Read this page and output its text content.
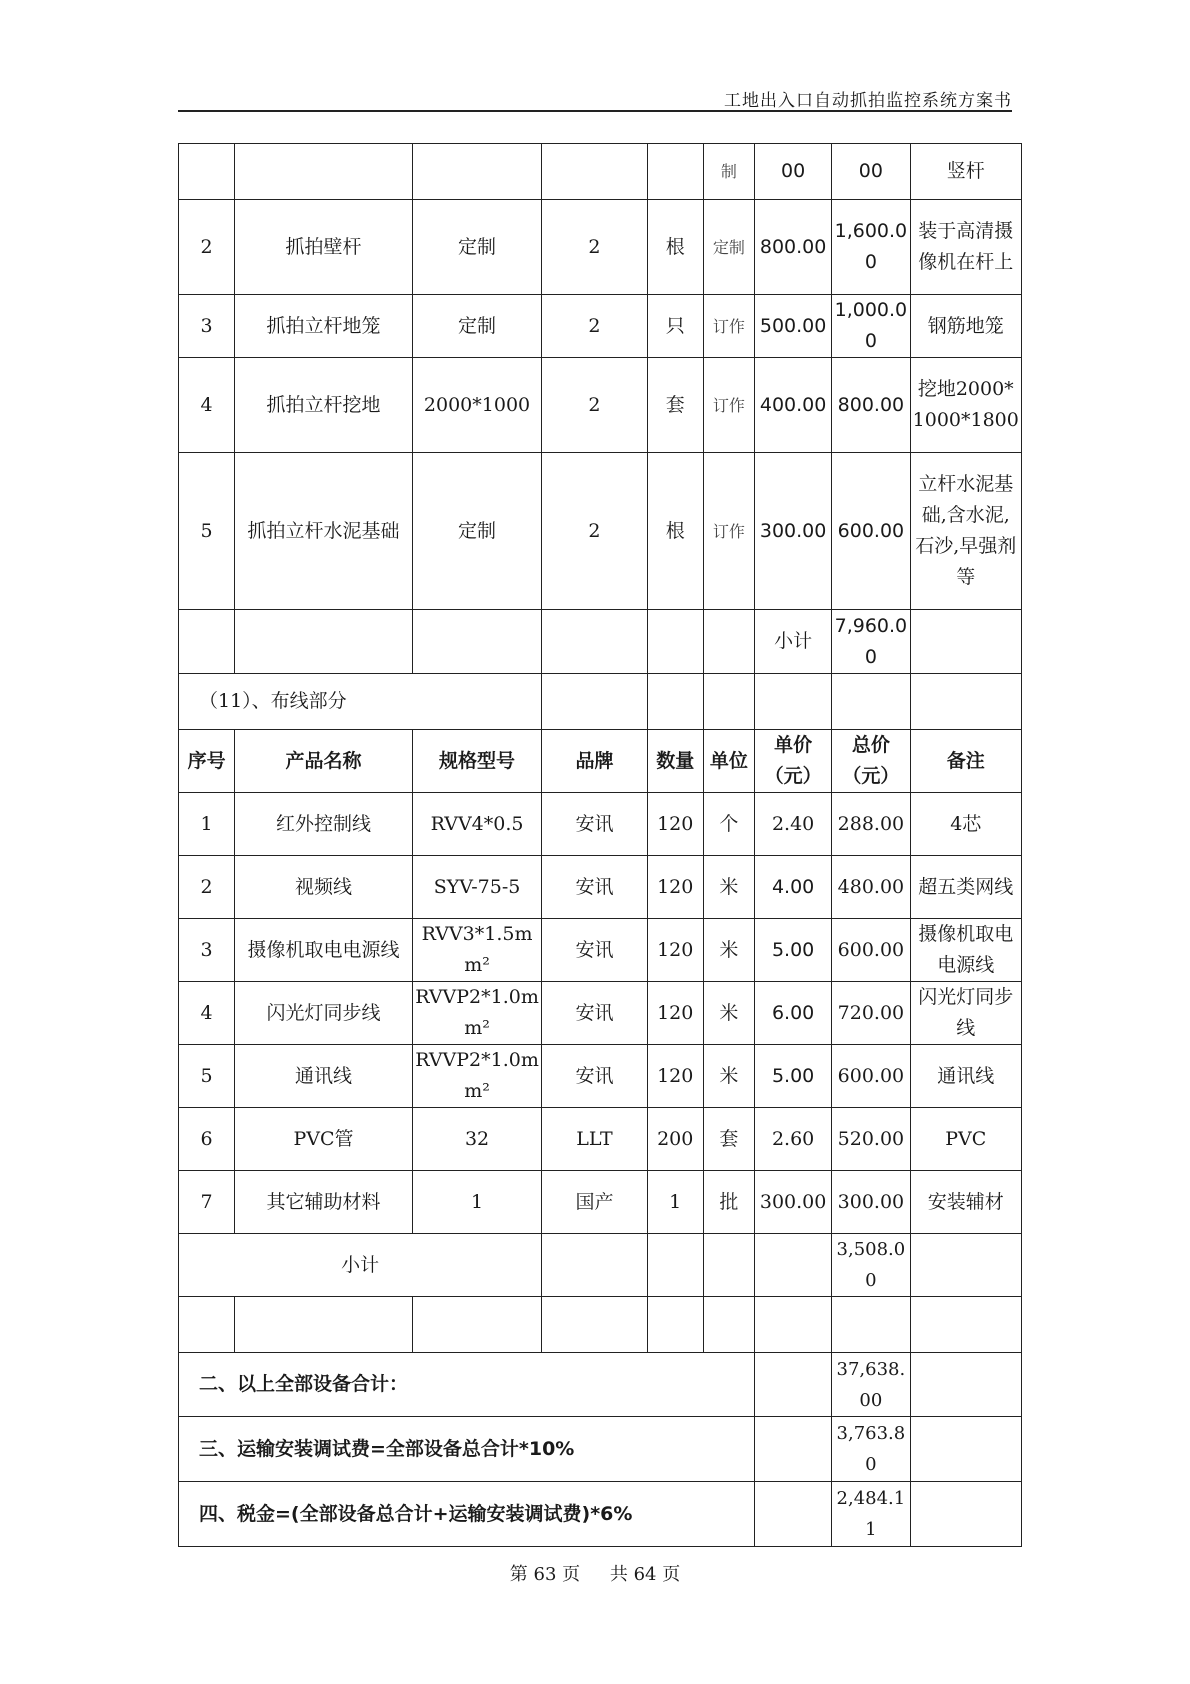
工地出入口自动抓拍监控系统方案书
					制	00	00	竖杆
2	抓拍壁杆	定制	2	根	定制	800.00	1,600.00	装于高清摄像机在杆上
3	抓拍立杆地笼	定制	2	只	订作	500.00	1,000.00	钢筋地笼
4	抓拍立杆挖地	2000*1000	2	套	订作	400.00	800.00	挖地2000*1000*1800
5	抓拍立杆水泥基础	定制	2	根	订作	300.00	600.00	立杆水泥基础,含水泥,石沙,早强剂等
						小计	7,960.00	
（11）、布线部分								
序号	产品名称	规格型号	品牌	数量	单位	单价（元）	总价（元）	备注
1	红外控制线	RVV4*0.5	安讯	120	个	2.40	288.00	4芯
2	视频线	SYV-75-5	安讯	120	米	4.00	480.00	超五类网线
3	摄像机取电电源线	RVV3*1.5mm²	安讯	120	米	5.00	600.00	摄像机取电电源线
4	闪光灯同步线	RVVP2*1.0mm²	安讯	120	米	6.00	720.00	闪光灯同步线
5	通讯线	RVVP2*1.0mm²	安讯	120	米	5.00	600.00	通讯线
6	PVC管	32	LLT	200	套	2.60	520.00	PVC
7	其它辅助材料	1	国产	1	批	300.00	300.00	安装辅材
小计							3,508.00	

二、以上全部设备合计：							37,638.00	
三、运输安装调试费=全部设备总合计*10%							3,763.80	
四、税金=(全部设备总合计+运输安装调试费)*6%							2,484.11	
第 63 页 共 64 页
